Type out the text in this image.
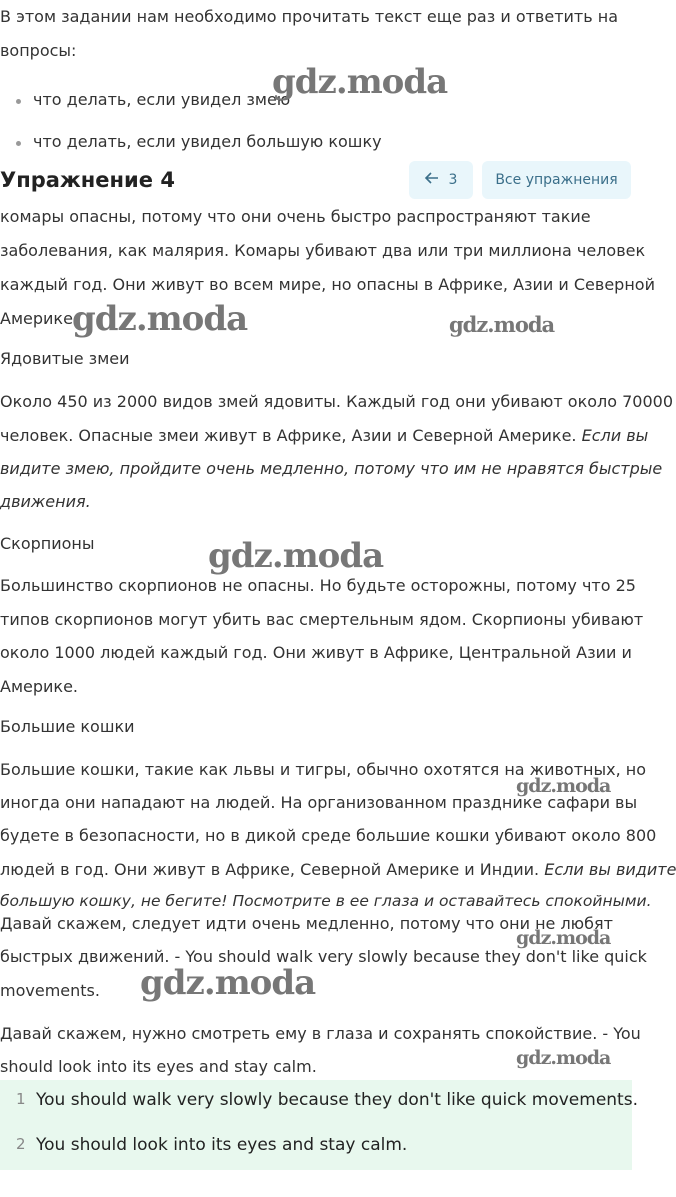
В этом задании нам необходимо прочитать текст еще раз и ответить на
вопросы:
что делать, если увидел змею
что делать, если увидел большую кошку
Упражнение 4	3	Все упражнения
комары опасны, потому что они очень быстро распространяют такие
заболевания, как малярия. Комары убивают два или три миллиона человек
каждый год. Они живут во всем мире, но опасны в Африке, Азии и Северной
Америке.
Ядовитые змеи
Около 450 из 2000 видов змей ядовиты. Каждый год они убивают около 70000
человек. Опасные змеи живут в Африке, Азии и Северной Америке. Если вы
видите змею, пройдите очень медленно, потому что им не нравятся быстрые
движения.
Скорпионы
Большинство скорпионов не опасны. Но будьте осторожны, потому что 25
типов скорпионов могут убить вас смертельным ядом. Скорпионы убивают
около 1000 людей каждый год. Они живут в Африке, Центральной Азии и
Америке.
Большие кошки
Большие кошки, такие как львы и тигры, обычно охотятся на животных, но
иногда они нападают на людей. На организованном празднике сафари вы
будете в безопасности, но в дикой среде большие кошки убивают около 800
людей в год. Они живут в Африке, Северной Америке и Индии. Если вы видите
большую кошку, не бегите! Посмотрите в ее глаза и оставайтесь спокойными.
Давай скажем, следует идти очень медленно, потому что они не любят
быстрых движений. - You should walk very slowly because they don't like quick
movements.
Давай скажем, нужно смотреть ему в глаза и сохранять спокойствие. - You
should look into its eyes and stay calm.
1 You should walk very slowly because they don't like quick movements.
2 You should look into its eyes and stay calm.
gdz.moda
gdz.moda	gdz.moda
gdz.moda
gdz.moda
gdz.moda
gdz.moda
gdz.moda
